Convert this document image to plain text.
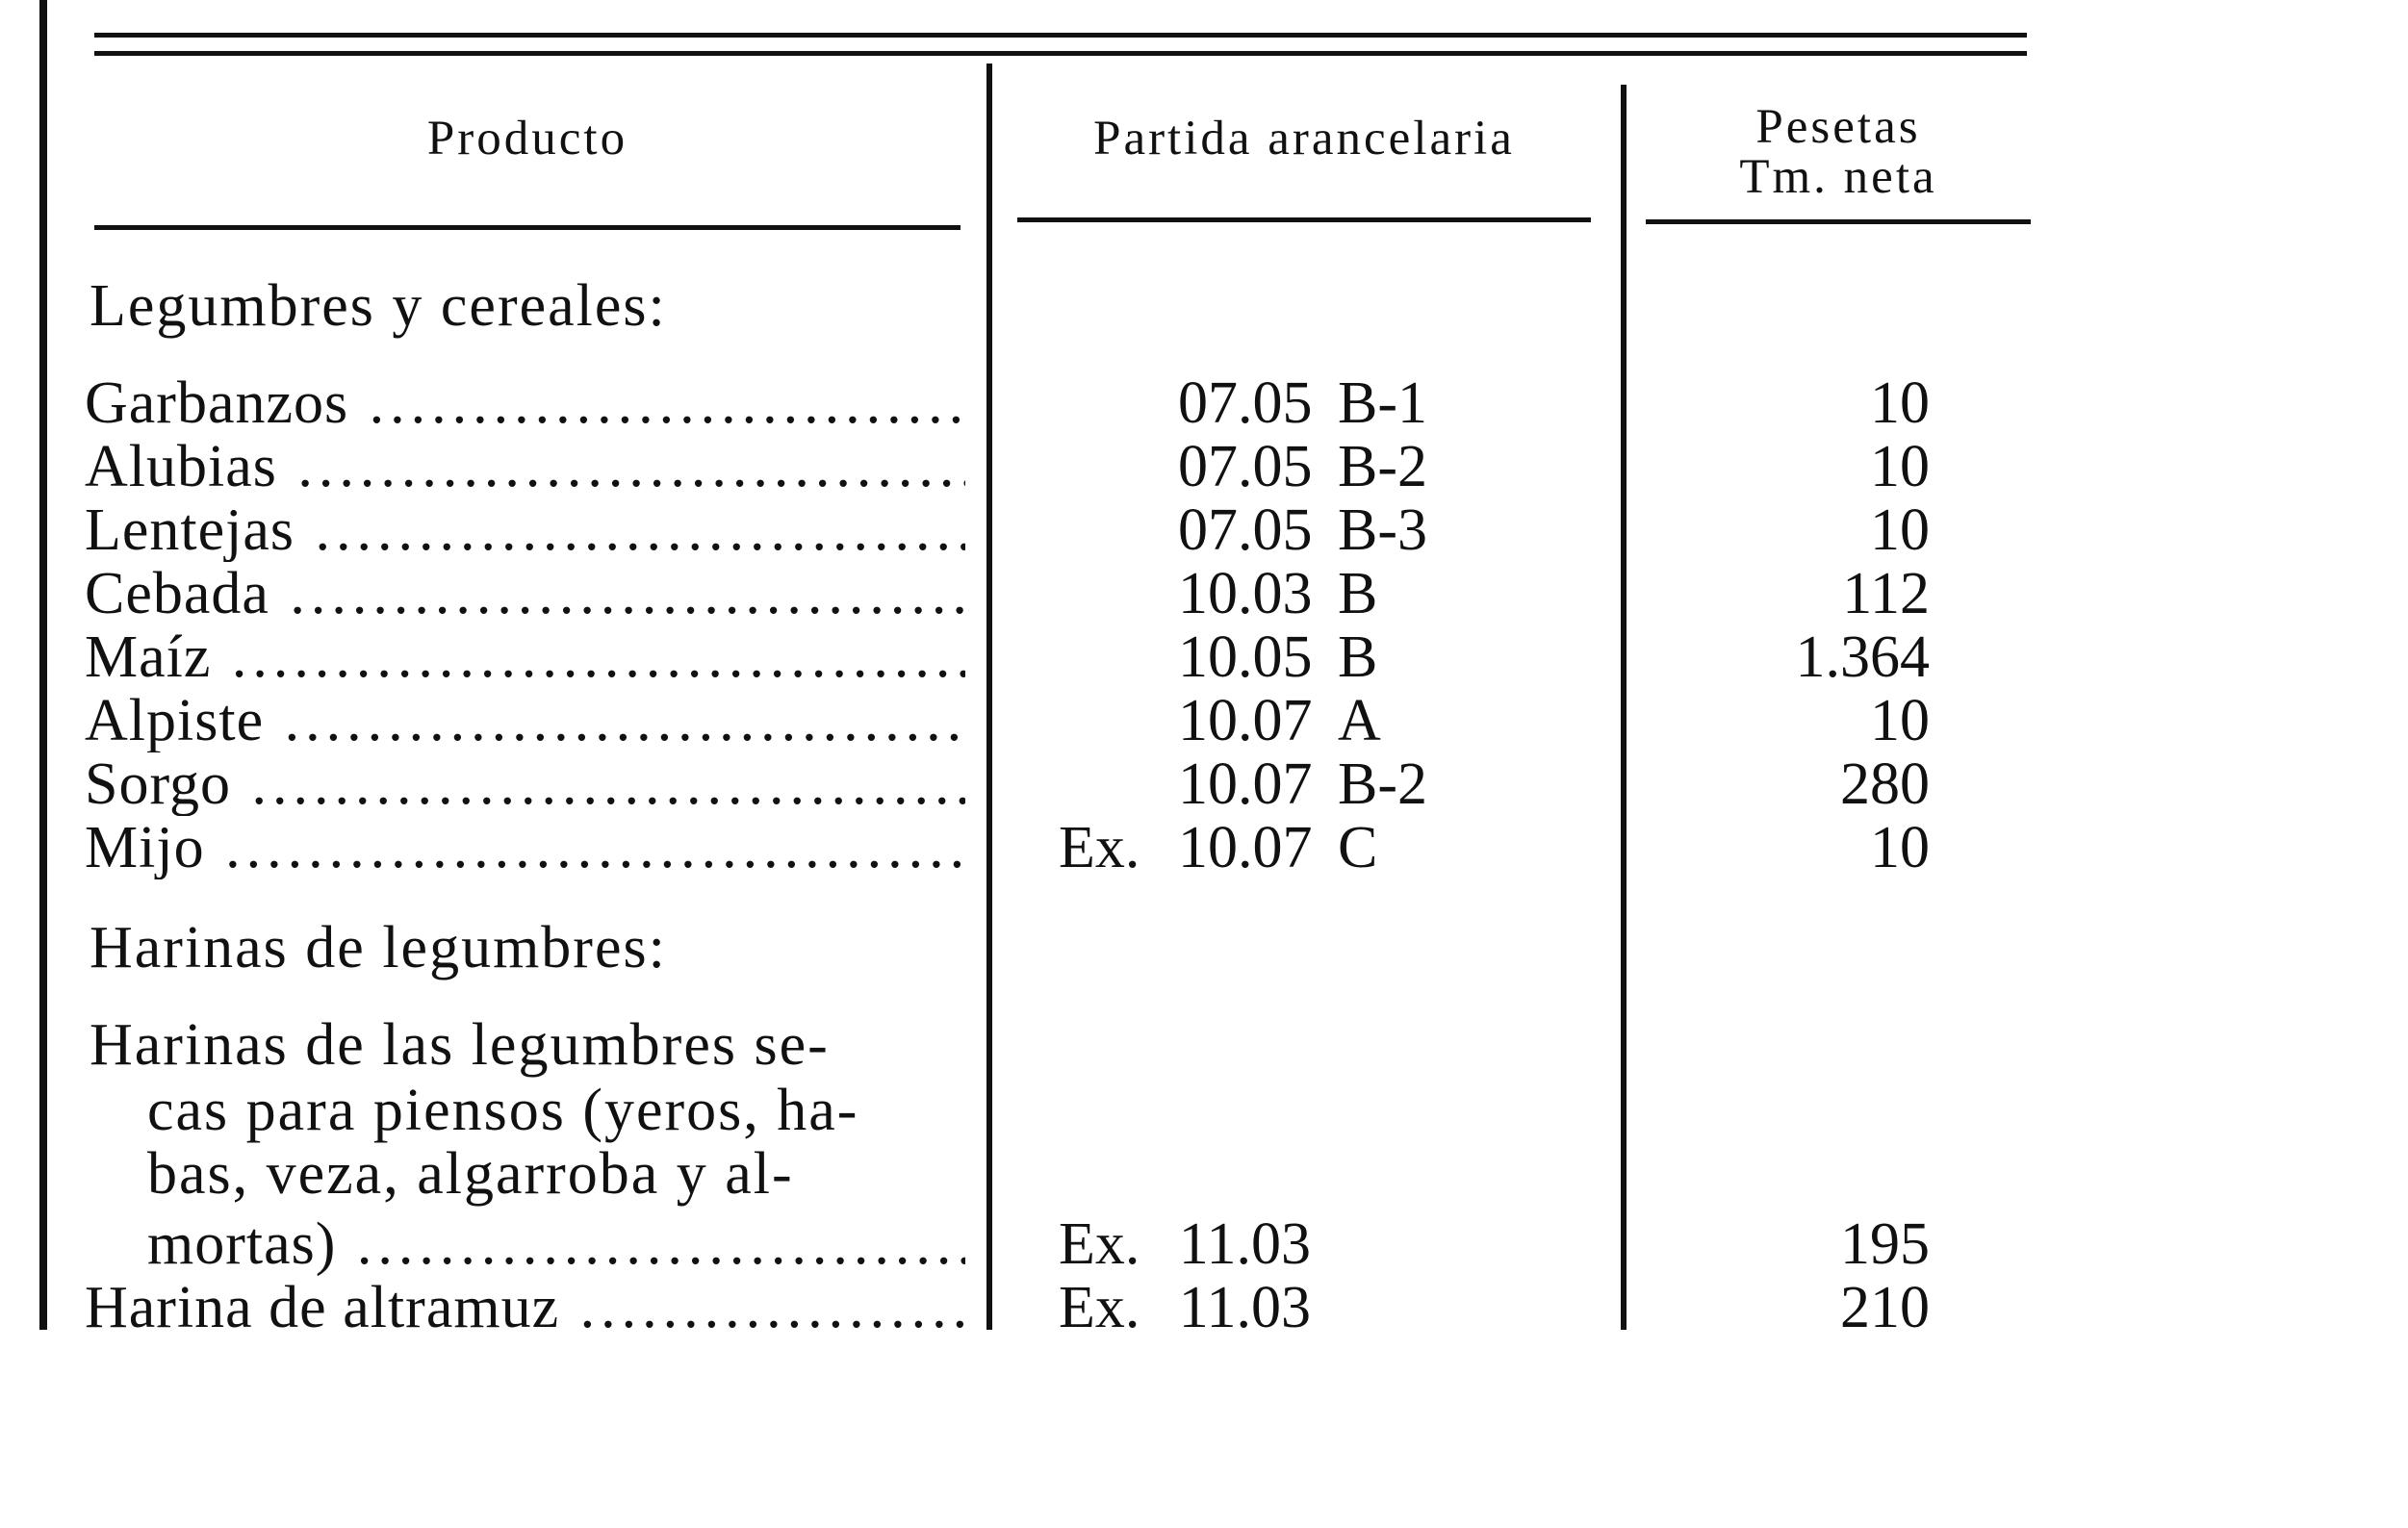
Producto	Partida arancelaria	Pesetas
Tm. neta
Legumbres y cereales:
Garbanzos .....	07.05 B-1	10
Alubias .....	07.05 B-2	10
Lentejas .....	07.05 B-3	10
Cebada .....	10.03 B	112
Maíz .....	10.05 B	1.364
Alpiste .....	10.07 A	10
Sorgo .....	10.07 B-2	280
Mijo .....	Ex. 10.07 C	10
Harinas de legumbres:
Harinas de las legumbres se-
cas para piensos (yeros, ha-
bas, veza, algarroba y al-
mortas) .....	Ex. 11.03	195
Harina de altramuz .....	Ex. 11.03	210
